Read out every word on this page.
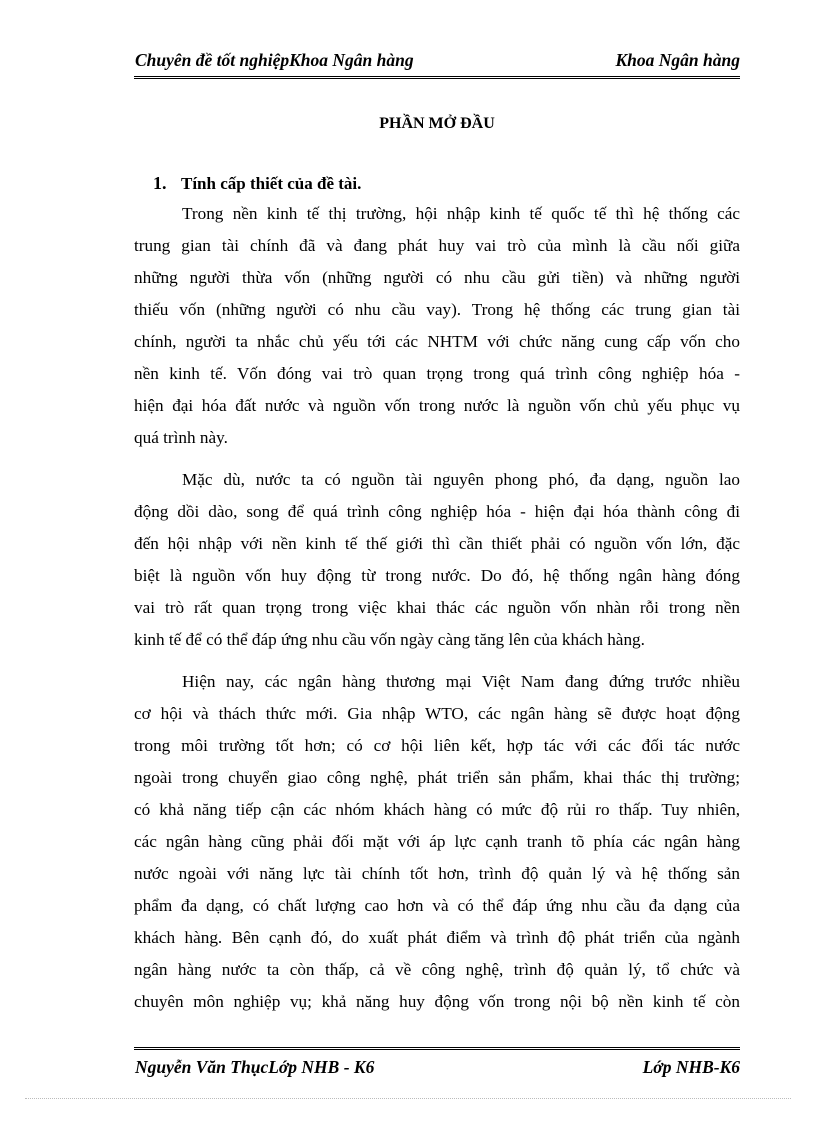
Chuyên đề tốt nghiệpKhoa Ngân hàng	Khoa Ngân hàng
PHẦN MỞ ĐẦU
1. Tính cấp thiết của đề tài.
Trong nền kinh tế thị trường, hội nhập kinh tế quốc tế thì hệ thống các
trung gian tài chính đã và đang phát huy vai trò của mình là cầu nối giữa
những người thừa vốn (những người có nhu cầu gửi tiền) và những người
thiếu vốn (những người có nhu cầu vay). Trong hệ thống các trung gian tài
chính, người ta nhắc chủ yếu tới các NHTM với chức năng cung cấp vốn cho
nền kinh tế. Vốn đóng vai trò quan trọng trong quá trình công nghiệp hóa -
hiện đại hóa đất nước và nguồn vốn trong nước là nguồn vốn chủ yếu phục vụ
quá trình này.
Mặc dù, nước ta có nguồn tài nguyên phong phó, đa dạng, nguồn lao
động dồi dào, song để quá trình công nghiệp hóa - hiện đại hóa thành công đi
đến hội nhập với nền kinh tế thế giới thì cần thiết phải có nguồn vốn lớn, đặc
biệt là nguồn vốn huy động từ trong nước. Do đó, hệ thống ngân hàng đóng
vai trò rất quan trọng trong việc khai thác các nguồn vốn nhàn rỗi trong nền
kinh tế để có thể đáp ứng nhu cầu vốn ngày càng tăng lên của khách hàng.
Hiện nay, các ngân hàng thương mại Việt Nam đang đứng trước nhiều
cơ hội và thách thức mới. Gia nhập WTO, các ngân hàng sẽ được hoạt động
trong môi trường tốt hơn; có cơ hội liên kết, hợp tác với các đối tác nước
ngoài trong chuyển giao công nghệ, phát triển sản phẩm, khai thác thị trường;
có khả năng tiếp cận các nhóm khách hàng có mức độ rủi ro thấp. Tuy nhiên,
các ngân hàng cũng phải đối mặt với áp lực cạnh tranh tõ phía các ngân hàng
nước ngoài với năng lực tài chính tốt hơn, trình độ quản lý và hệ thống sản
phẩm đa dạng, có chất lượng cao hơn và có thể đáp ứng nhu cầu đa dạng của
khách hàng. Bên cạnh đó, do xuất phát điểm và trình độ phát triển của ngành
ngân hàng nước ta còn thấp, cả về công nghệ, trình độ quản lý, tổ chức và
chuyên môn nghiệp vụ; khả năng huy động vốn trong nội bộ nền kinh tế còn
Nguyễn Văn ThụcLớp NHB - K6	Lớp NHB-K6
